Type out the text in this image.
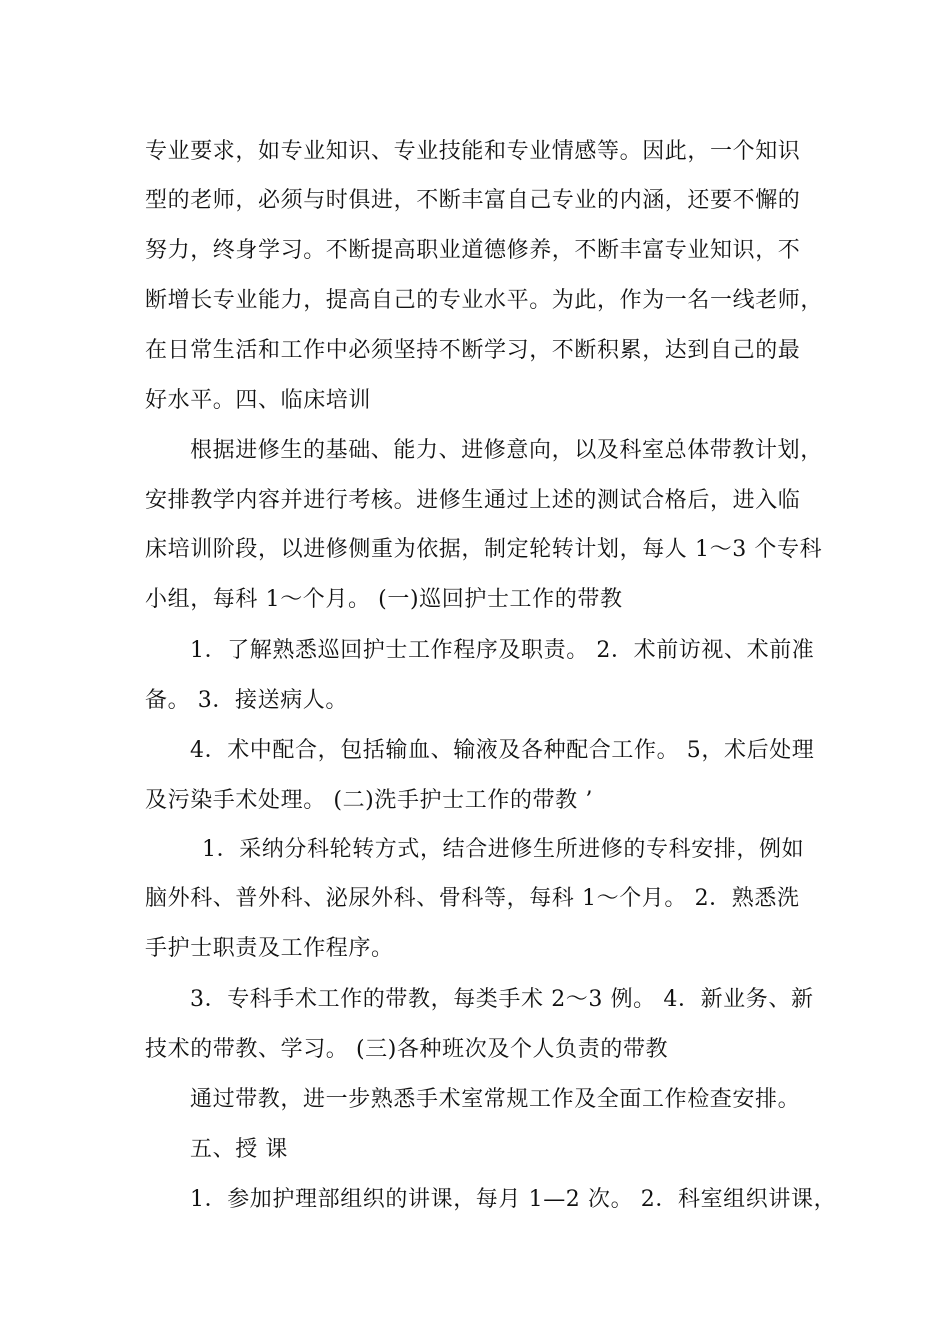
专业要求，如专业知识、专业技能和专业情感等。因此，一个知识
型的老师，必须与时俱进，不断丰富自己专业的内涵，还要不懈的
努力，终身学习。不断提高职业道德修养，不断丰富专业知识，不
断增长专业能力，提高自己的专业水平。为此，作为一名一线老师，
在日常生活和工作中必须坚持不断学习，不断积累，达到自己的最
好水平。四、临床培训
根据进修生的基础、能力、进修意向，以及科室总体带教计划，
安排教学内容并进行考核。进修生通过上述的测试合格后，进入临
床培训阶段，以进修侧重为依据，制定轮转计划，每人 1～3 个专科
小组，每科 1～个月。 (一)巡回护士工作的带教
1．了解熟悉巡回护士工作程序及职责。 2．术前访视、术前准
备。 3．接送病人。
4．术中配合，包括输血、输液及各种配合工作。 5，术后处理
及污染手术处理。 (二)洗手护士工作的带教 ’
1．采纳分科轮转方式，结合进修生所进修的专科安排，例如
脑外科、普外科、泌尿外科、骨科等，每科 1～个月。 2．熟悉洗
手护士职责及工作程序。
3．专科手术工作的带教，每类手术 2～3 例。 4．新业务、新
技术的带教、学习。 (三)各种班次及个人负责的带教
通过带教，进一步熟悉手术室常规工作及全面工作检查安排。
五、授 课
1．参加护理部组织的讲课，每月 1—2 次。 2．科室组织讲课，
